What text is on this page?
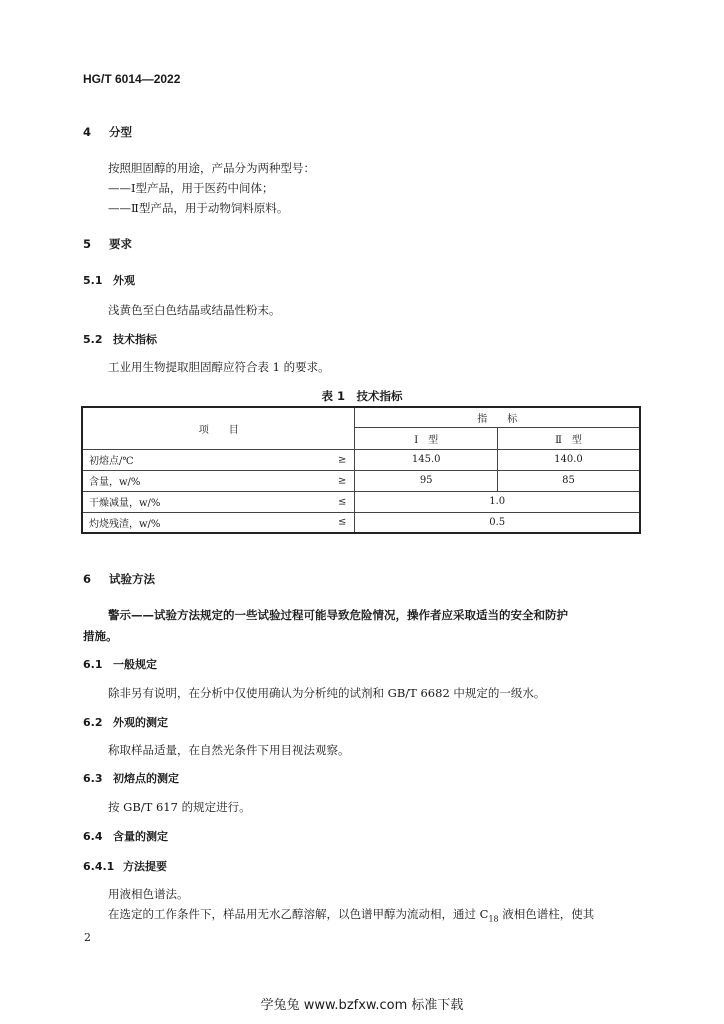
HG/T 6014—2022
4 分型
按照胆固醇的用途，产品分为两种型号：
——Ⅰ型产品，用于医药中间体；
——Ⅱ型产品，用于动物饲料原料。
5 要求
5.1 外观
浅黄色至白色结晶或结晶性粉末。
5.2 技术指标
工业用生物提取胆固醇应符合表 1 的要求。
表 1　技术指标
项　　目	指　　标	
	Ⅰ　型	Ⅱ　型
初熔点/℃ ≥	145.0	140.0
含量，w/% ≥	95	85
干燥减量，w/% ≤	1.0	
灼烧残渣，w/% ≤	0.5	
6 试验方法
警示——试验方法规定的一些试验过程可能导致危险情况，操作者应采取适当的安全和防护
措施。
6.1 一般规定
除非另有说明，在分析中仅使用确认为分析纯的试剂和 GB/T 6682 中规定的一级水。
6.2 外观的测定
称取样品适量，在自然光条件下用目视法观察。
6.3 初熔点的测定
按 GB/T 617 的规定进行。
6.4 含量的测定
6.4.1 方法提要
用液相色谱法。
在选定的工作条件下，样品用无水乙醇溶解，以色谱甲醇为流动相，通过 $C_{18}$ 液相色谱柱，使其
2
学兔兔 www.bzfxw.com 标准下载
